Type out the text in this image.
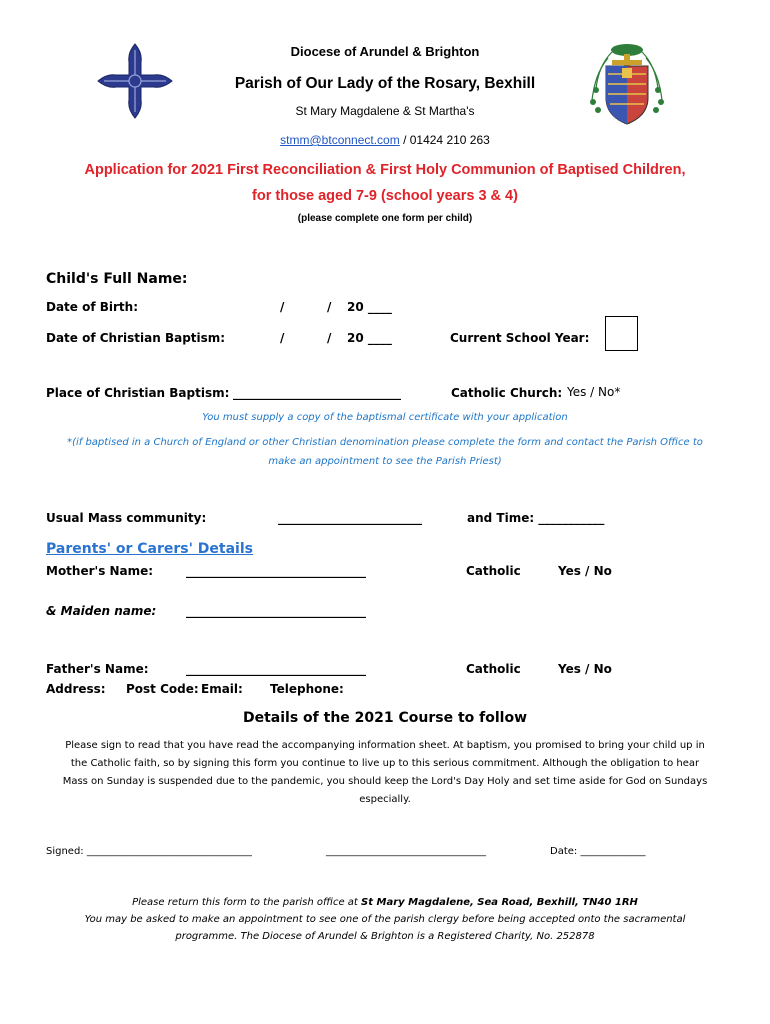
Diocese of Arundel & Brighton
Parish of Our Lady of the Rosary, Bexhill
St Mary Magdalene & St Martha's
stmm@btconnect.com / 01424 210 263
Application for 2021 First Reconciliation & First Holy Communion of Baptised Children,
for those aged 7-9 (school years 3 & 4)
(please complete one form per child)
Child's Full Name:
Date of Birth:	/	/ 20 ____
Date of Christian Baptism:	/	/ 20 ____	Current School Year:
Place of Christian Baptism: ____________________________	Catholic Church: Yes / No*
You must supply a copy of the baptismal certificate with your application
*(if baptised in a Church of England or other Christian denomination please complete the form and contact the Parish Office to
make an appointment to see the Parish Priest)
Usual Mass community:	________________________	and Time: ___________
Parents' or Carers' Details
Mother's Name:	______________________________	Catholic	Yes / No
& Maiden name: ______________________________
Father's Name:	______________________________	Catholic	Yes / No
Address: Post Code: Email: Telephone:
Details of the 2021 Course to follow
Please sign to read that you have read the accompanying information sheet. At baptism, you promised to bring your child up in
the Catholic faith, so by signing this form you continue to live up to this serious commitment. Although the obligation to hear
Mass on Sunday is suspended due to the pandemic, you should keep the Lord's Day Holy and set time aside for God on Sundays
especially.
Signed: _________________________________	________________________________	Date: _____________
Please return this form to the parish office at St Mary Magdalene, Sea Road, Bexhill, TN40 1RH
You may be asked to make an appointment to see one of the parish clergy before being accepted onto the sacramental
programme. The Diocese of Arundel & Brighton is a Registered Charity, No. 252878
